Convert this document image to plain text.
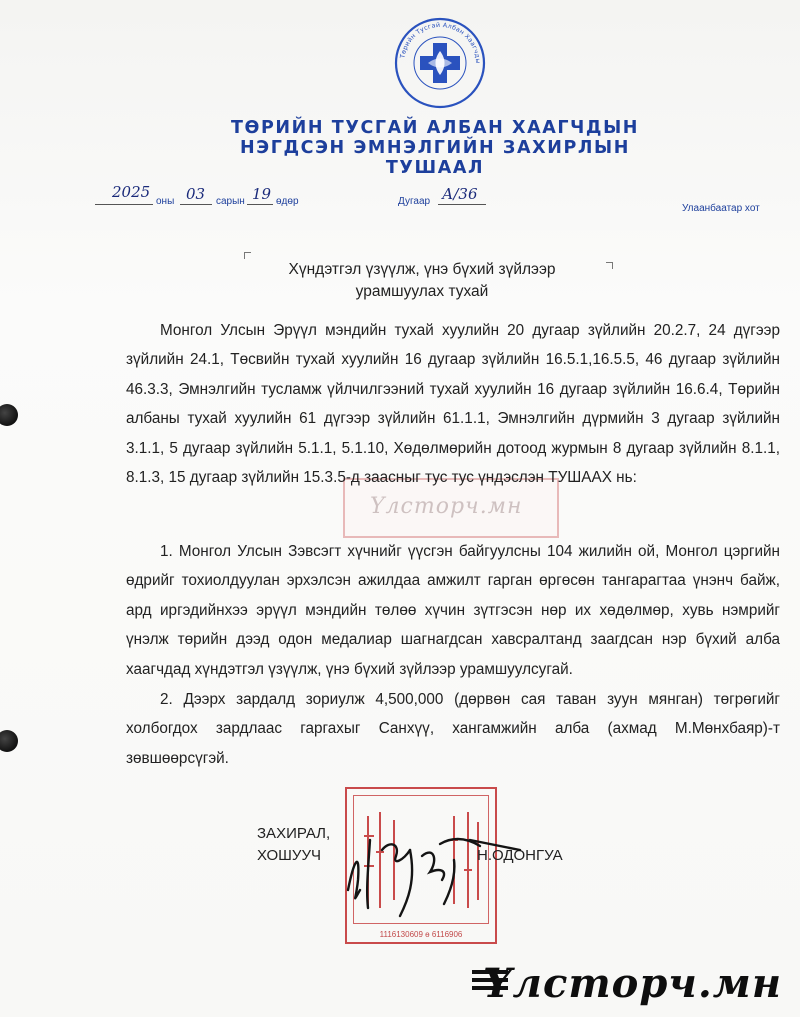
Төрийн Тусгай Албан Хаагчды
ТӨРИЙН ТУСГАЙ АЛБАН ХААГЧДЫН
НЭГДСЭН ЭМНЭЛГИЙН ЗАХИРЛЫН
ТУШААЛ
2025
оны 03 сарын 19 өдөр	Дугаар А/36
Улаанбаатар хот
Хүндэтгэл үзүүлж, үнэ бүхий зүйлээр
урамшуулах тухай
Үлсторч.мн
Монгол Улсын Эрүүл мэндийн тухай хуулийн 20 дугаар зүйлийн 20.2.7, 24 дүгээр зүйлийн 24.1, Төсвийн тухай хуулийн 16 дугаар зүйлийн 16.5.1,16.5.5, 46 дугаар зүйлийн 46.3.3, Эмнэлгийн тусламж үйлчилгээний тухай хуулийн 16 дугаар зүйлийн 16.6.4, Төрийн албаны тухай хуулийн 61 дүгээр зүйлийн 61.1.1, Эмнэлгийн дүрмийн 3 дугаар зүйлийн 3.1.1, 5 дугаар зүйлийн 5.1.1, 5.1.10, Хөдөлмөрийн дотоод журмын 8 дугаар зүйлийн 8.1.1, 8.1.3, 15 дугаар зүйлийн 15.3.5-д заасныг тус тус үндэслэн ТУШААХ нь:
1. Монгол Улсын Зэвсэгт хүчнийг үүсгэн байгуулсны 104 жилийн ой, Монгол цэргийн өдрийг тохиолдуулан эрхэлсэн ажилдаа амжилт гарган өргөсөн тангарагтаа үнэнч байж, ард иргэдийнхээ эрүүл мэндийн төлөө хүчин зүтгэсэн нөр их хөдөлмөр, хувь нэмрийг үнэлж төрийн дээд одон медалиар шагнагдсан хавсралтанд заагдсан нэр бүхий алба хаагчдад хүндэтгэл үзүүлж, үнэ бүхий зүйлээр урамшуулсугай.
2. Дээрх зардалд зориулж 4,500,000 (дөрвөн сая таван зуун мянган) төгрөгийг холбогдох зардлаас гаргахыг Санхүү, хангамжийн алба (ахмад М.Мөнхбаяр)-т зөвшөөрсүгэй.
1116130609 ѳ 6116906
ЗАХИРАЛ,
ХОШУУЧ	Н.ОДОНГУА
Үлсторч.мн
